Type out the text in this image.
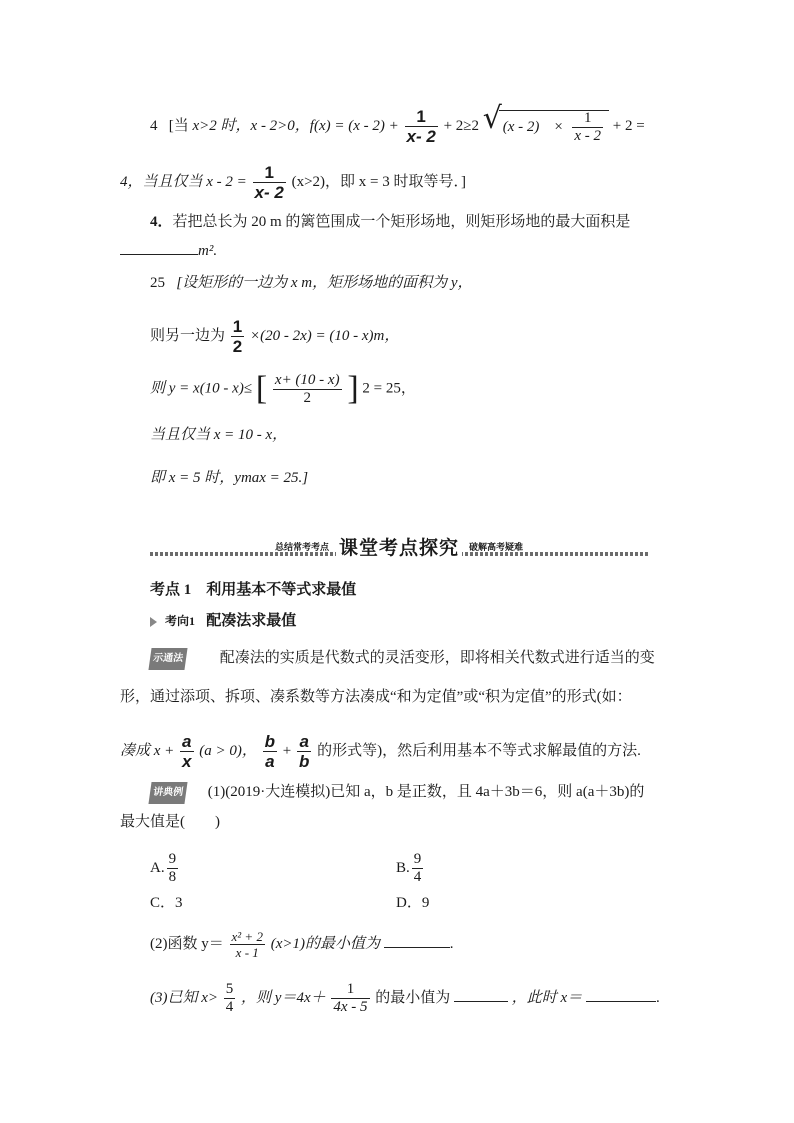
4 [当 x>2 时，x - 2>0，$f(x) = (x - 2) + \frac{1}{x- 2} + 2\ge 2$ √ $(x - 2) \times \frac{1}{x - 2} + 2$ =
4，当且仅当 $x - 2 = \frac{1}{x- 2} (x>2)$，即 x = 3 时取等号．]
4．若把总长为 20 m 的篱笆围成一个矩形场地，则矩形场地的最大面积是
m².
25 [设矩形的一边为 x m，矩形场地的面积为 y，
则另一边为 $\frac{1}{2} \times(20 - 2x) = (10 - x)m$，
则 y = x(10 - x)≤ [ $\frac{x+ (10 - x)}{2}$ ] 2 = 25，
当且仅当 x = 10 - x，
即 x = 5 时，ymax = 25.]
总结常考考点 课堂考点探究 破解高考疑难
考点 1　利用基本不等式求最值
考向1 配凑法求最值
示通法 配凑法的实质是代数式的灵活变形，即将相关代数式进行适当的变
形，通过添项、拆项、凑系数等方法凑成“和为定值”或“积为定值”的形式(如：
凑成 $x + \frac{a}{x} (a > 0)$， $\frac{b}{a} + \frac{a}{b}$ 的形式等)，然后利用基本不等式求解最值的方法.
讲典例 (1)(2019·大连模拟)已知 a，b 是正数，且 4a＋3b＝6，则 a(a＋3b)的
最大值是(　　)
A. $\frac{9}{8}$	B. $\frac{9}{4}$
C．3	D．9
(2)函数 $y= \frac{\text{x² + 2}}{x - 1} (x>1)$的最小值为	.
(3)已知 $x> \frac{5}{4}$ ，则 $y=4x+ \frac{1}{4x - 5}$ 的最小值为	，此时 x＝	.
